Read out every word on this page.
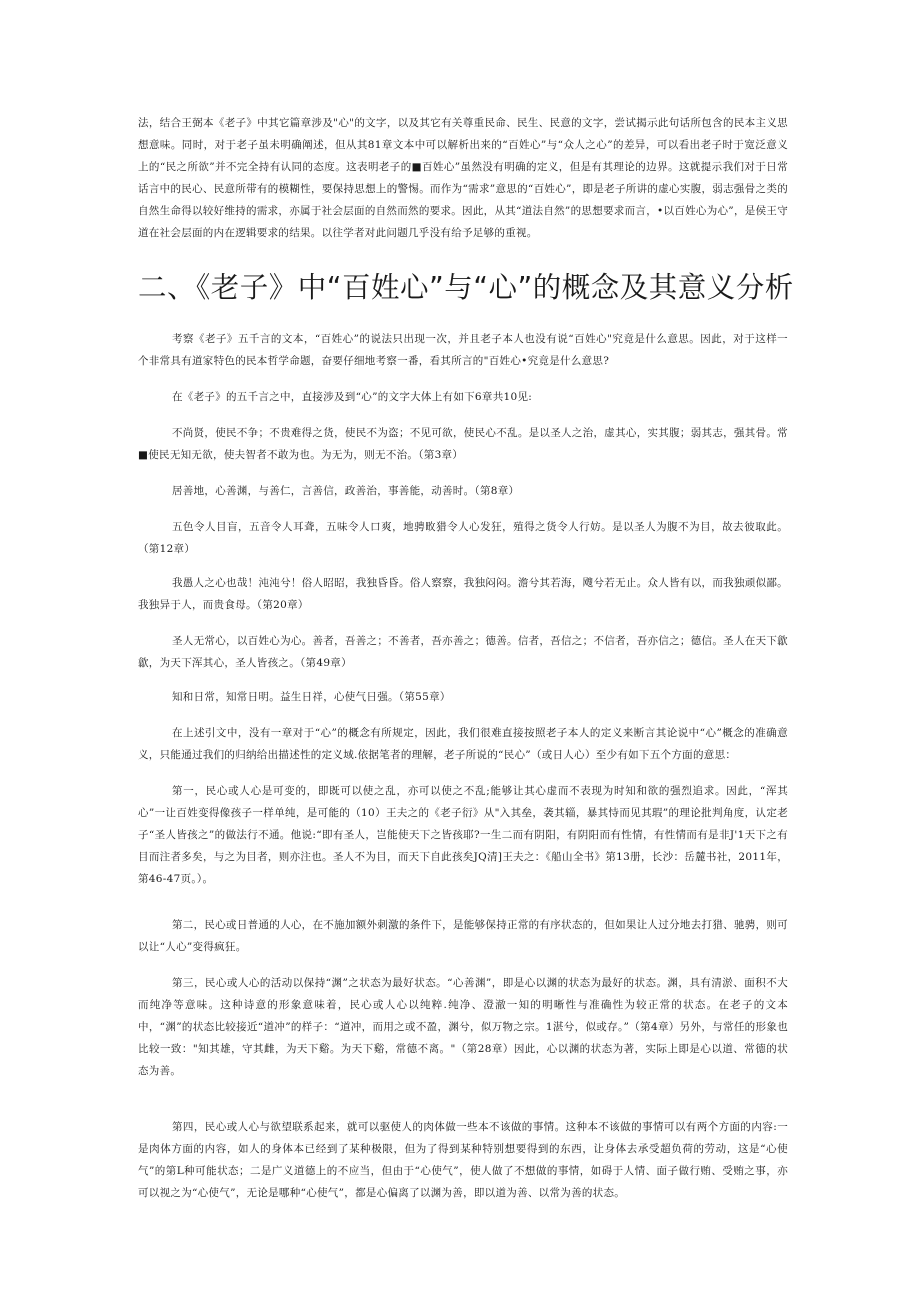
法，结合王弼本《老子》中其它篇章涉及"心"的文字，以及其它有关尊重民命、民生、民意的文字，尝试揭示此句话所包含的民本主义思想意味。同时，对于老子虽未明确阐述，但从其81章文本中可以解析出来的“百姓心”与“众人之心”的差异，可以看出老子时于宽泛意义上的“民之所欲”并不完全持有认同的态度。这表明老子的■百姓心”虽然没有明确的定义，但是有其理论的边界。这就提示我们对于日常话言中的民心、民意所带有的模糊性，要保持思想上的警惕。而作为“需求”意思的“百姓心”，即是老子所讲的虚心实腹，弱志强骨之类的自然生命得以较好维持的需求，亦属于社会层面的自然而然的要求。因此，从其“道法自然”的思想要求而言，•以百姓心为心”，是侯王守道在社会层面的内在逻辑要求的结果。以往学者对此问题几乎没有给予足够的重视。

二、《老子》中“百姓心”与“心”的概念及其意义分析

考察《老子》五千言的文本，“百姓心”的说法只出现一次，并且老子本人也没有说“百姓心"究竟是什么意思。因此，对于这样一个非常具有道家特色的民本哲学命题，奋要仔细地考察一番，看其所言的"百姓心•究竟是什么意思?

在《老子》的五千言之中，直接涉及到“心”的文字大体上有如下6章共10见:

不尚贤，使民不争；不贵难得之货，使民不为盗；不见可欲，使民心不乱。是以圣人之治，虚其心，实其腹；弱其志，强其骨。常■使民无知无欲，使夫智者不敢为也。为无为，则无不治。（第3章）

居善地，心善渊，与善仁，言善信，政善治，事善能，动善时。（第8章）

五色令人目盲，五音令人耳聋，五味令人口爽，地骋畋猎令人心发狂，殖得之货令人行妨。是以圣人为腹不为目，故去彼取此。（第12章）

我愚人之心也哉！沌沌兮！俗人昭昭，我独昏昏。俗人察察，我独闷闷。澹兮其若海，飕兮若无止。众人皆有以，而我独顽似鄙。我独异于人，而贵食母。（第20章）

圣人无常心，以百姓心为心。善者，吾善之；不善者，吾亦善之；德善。信者，吾信之；不信者，吾亦信之；德信。圣人在天下歙歙，为天下浑其心，圣人皆孩之。（第49章）

知和日常，知常日明。益生日祥，心使气日强。（第55章）

在上述引文中，没有一章对于“心”的概念有所规定，因此，我们很难直接按照老子本人的定义来断言其论说中“心”概念的准确意义，只能通过我们的归纳给出描述性的定义域.依据笔者的理解，老子所说的“民心”（或日人心）至少有如下五个方面的意思：

第一，民心或人心是可变的，即既可以使之乱，亦可以使之不乱;能够让其心虚而不表现为时知和欲的强烈追求。因此，“浑其心”一让百姓变得像孩子一样单纯，是可能的（10）王夫之的《老子衍》从"入其垒，袭其辎，暴其恃而见其瑕”的理论批判角度，认定老子“圣人皆孩之”的做法行不通。他说:“即有圣人，岂能使天下之皆孩耶?一生二而有阴阳，有阴阳而有性情，有性情而有是非J'1天下之有目而注者多矣，与之为目者，则亦注也。圣人不为目，而天下自此孩矣JQ清]王夫之：《船山全书》第13册，长沙：岳麓书社，2011年，第46-47页。）。

第二，民心或日普通的人心，在不施加额外刺激的条件下，是能够保持正常的有序状态的，但如果让人过分地去打猎、驰骋，则可以让“人心”变得疯狂。

第三，民心或人心的活动以保持“渊”之状态为最好状态。“心善渊”，即是心以渊的状态为最好的状态。渊，具有清淤、面积不大而纯净等意味。这种诗意的形象意味着，民心或人心以纯粹.纯净、澄澈一知的明晰性与准确性为较正常的状态。在老子的文本中，“渊”的状态比较接近“道冲”的样子：“道冲，而用之或不盈，渊兮，似万物之宗。1湛兮，似或存。”（第4章）另外，与常任的形象也比较一致："知其雄，守其雌，为天下谿。为天下谿，常德不离。"（第28章）因此，心以渊的状态为著，实际上即是心以道、常德的状态为善。

第四，民心或人心与欲望联系起来，就可以驱使人的肉体做一些本不该做的事情。这种本不该做的事情可以有两个方面的内容:一是肉体方面的内容，如人的身体本已经到了某种极限，但为了得到某种特别想要得到的东西，让身体去承受超负荷的劳动，这是“心使气”的第L种可能状态；二是广义道德上的不应当，但由于“心使气”，使人做了不想做的事情，如碍于人情、面子做行贿、受贿之事，亦可以视之为“心使气”，无论是哪种“心使气”，都是心偏离了以渊为善，即以道为善、以常为善的状态。
